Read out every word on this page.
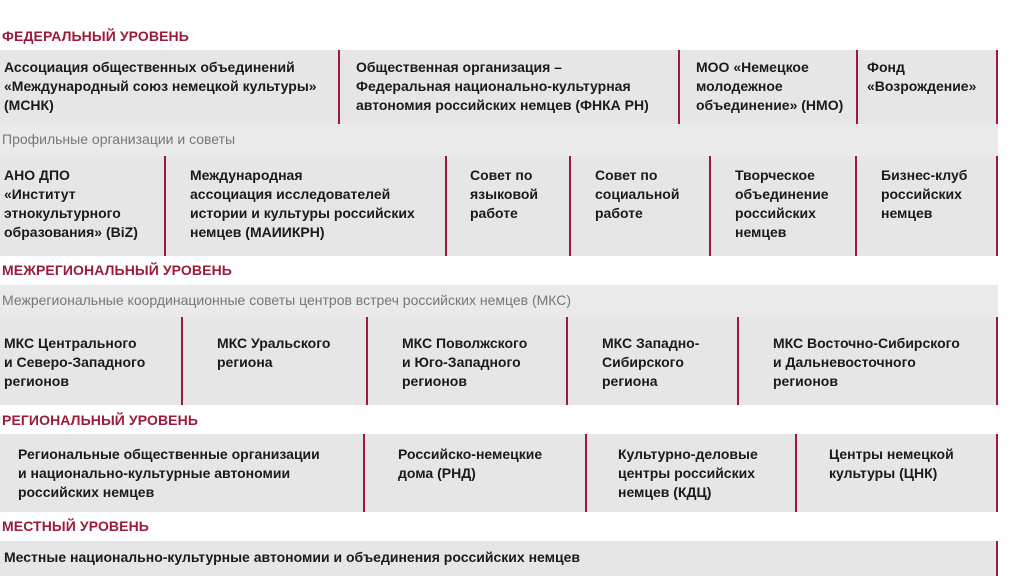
ФЕДЕРАЛЬНЫЙ УРОВЕНЬ
Ассоциация общественных объединений
«Международный союз немецкой культуры»
(МСНК)
Общественная организация –
Федеральная национально-культурная
автономия российских немцев (ФНКА РН)
МОО «Немецкое
молодежное
объединение» (НМО)
Фонд
«Возрождение»
Профильные организации и советы
АНО ДПО
«Институт
этнокультурного
образования» (BiZ)
Международная
ассоциация исследователей
истории и культуры российских
немцев (МАИИКРН)
Совет по
языковой
работе
Совет по
социальной
работе
Творческое
объединение
российских
немцев
Бизнес-клуб
российских
немцев
МЕЖРЕГИОНАЛЬНЫЙ УРОВЕНЬ
Межрегиональные координационные советы центров встреч российских немцев (МКС)
МКС Центрального
и Северо-Западного
регионов
МКС Уральского
региона
МКС Поволжского
и Юго-Западного
регионов
МКС Западно-
Сибирского
региона
МКС Восточно-Сибирского
и Дальневосточного
регионов
РЕГИОНАЛЬНЫЙ УРОВЕНЬ
Региональные общественные организации
и национально-культурные автономии
российских немцев
Российско-немецкие
дома (РНД)
Культурно-деловые
центры российских
немцев (КДЦ)
Центры немецкой
культуры (ЦНК)
МЕСТНЫЙ УРОВЕНЬ
Местные национально-культурные автономии и объединения российских немцев
